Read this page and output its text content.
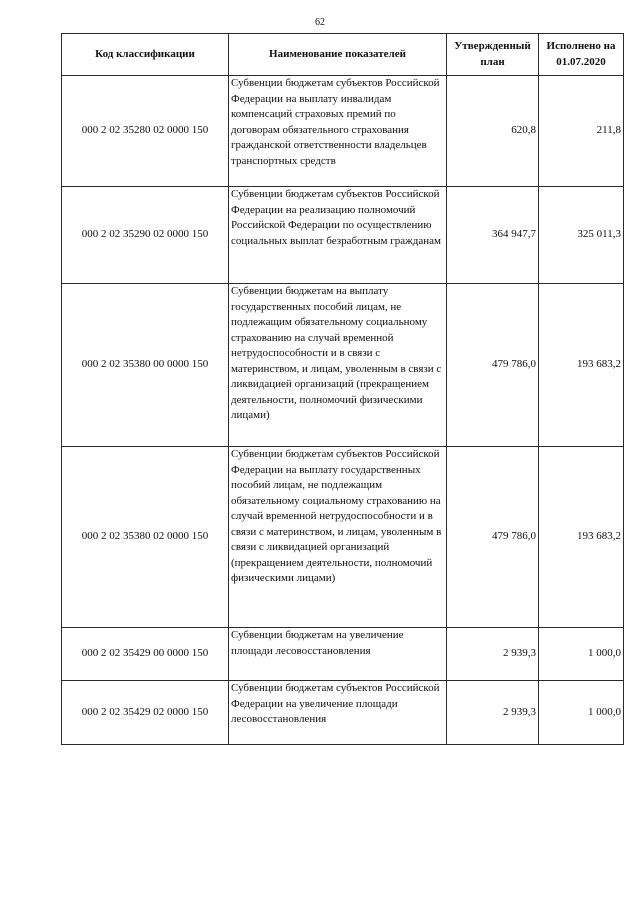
62
Код классификации	Наименование показателей	Утвержденный план	Исполнено на 01.07.2020
000 2 02 35280 02 0000 150	Субвенции бюджетам субъектов Российской Федерации на выплату инвалидам компенсаций страховых премий по договорам обязательного страхования гражданской ответственности владельцев транспортных средств	620,8	211,8
000 2 02 35290 02 0000 150	Субвенции бюджетам субъектов Российской Федерации на реализацию полномочий Российской Федерации по осуществлению социальных выплат безработным гражданам	364 947,7	325 011,3
000 2 02 35380 00 0000 150	Субвенции бюджетам на выплату государственных пособий лицам, не подлежащим обязательному социальному страхованию на случай временной нетрудоспособности и в связи с материнством, и лицам, уволенным в связи с ликвидацией организаций (прекращением деятельности, полномочий физическими лицами)	479 786,0	193 683,2
000 2 02 35380 02 0000 150	Субвенции бюджетам субъектов Российской Федерации на выплату государственных пособий лицам, не подлежащим обязательному социальному страхованию на случай временной нетрудоспособности и в связи с материнством, и лицам, уволенным в связи с ликвидацией организаций (прекращением деятельности, полномочий физическими лицами)	479 786,0	193 683,2
000 2 02 35429 00 0000 150	Субвенции бюджетам на увеличение площади лесовосстановления	2 939,3	1 000,0
000 2 02 35429 02 0000 150	Субвенции бюджетам субъектов Российской Федерации на увеличение площади лесовосстановления	2 939,3	1 000,0
